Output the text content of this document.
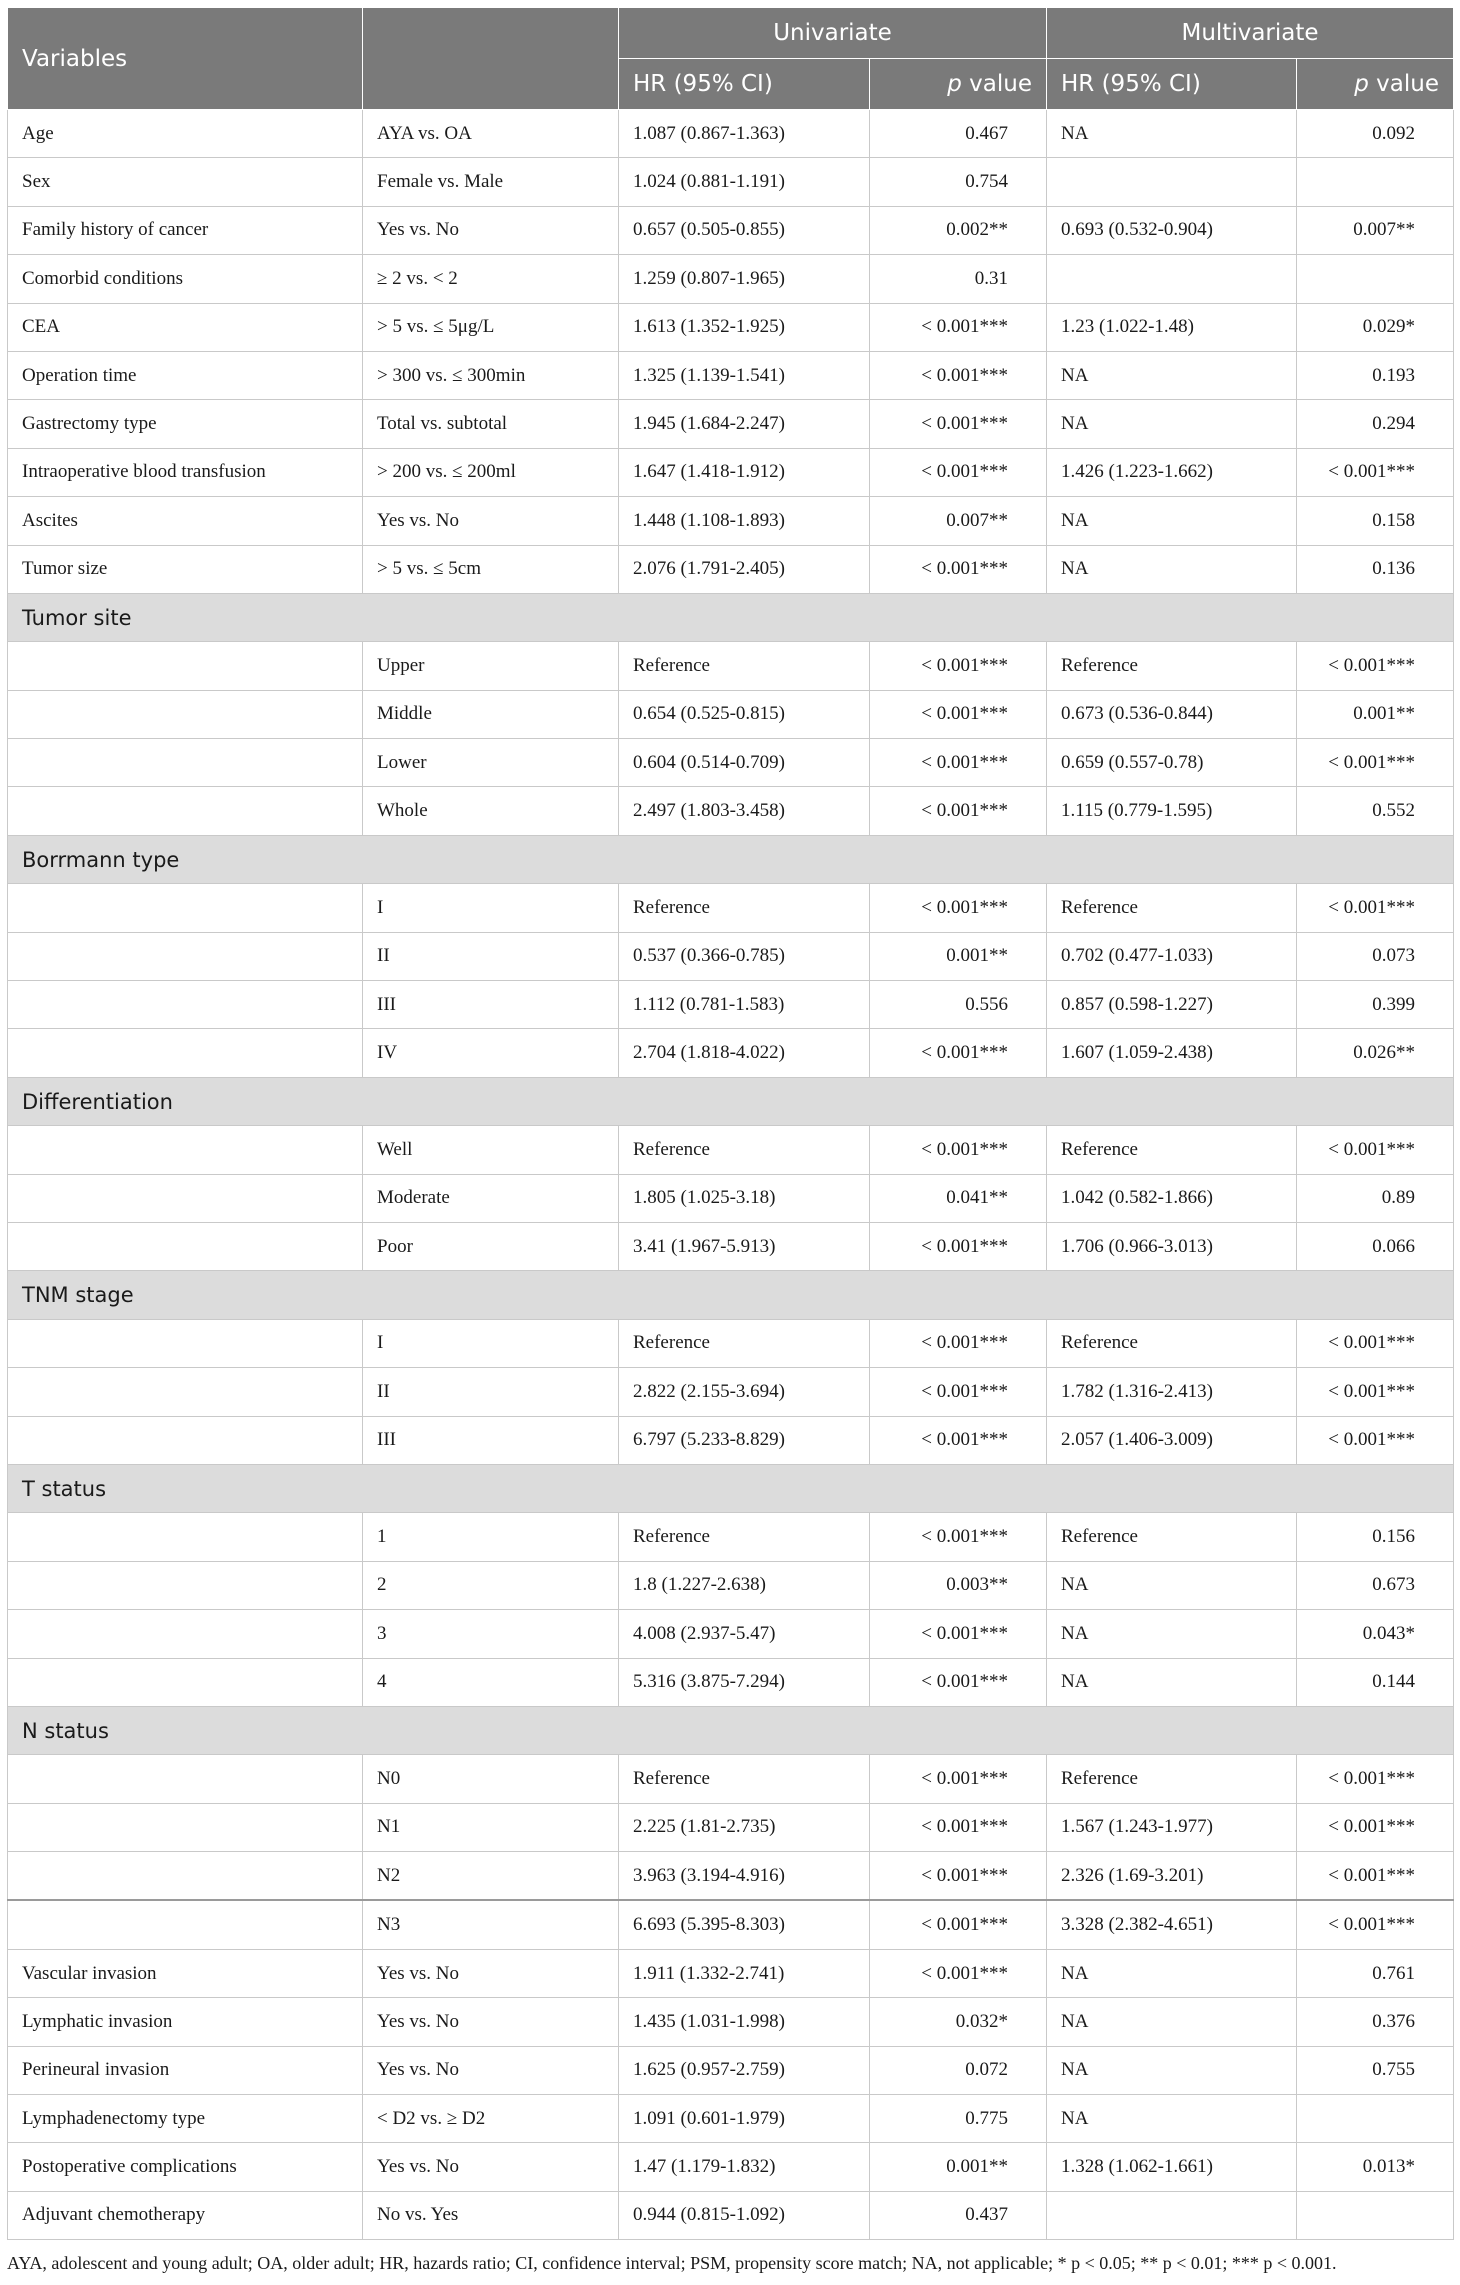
Variables		Univariate		Multivariate	
		HR (95% CI)	p value	HR (95% CI)	p value
Age	AYA vs. OA	1.087 (0.867-1.363)	0.467	NA	0.092
Sex	Female vs. Male	1.024 (0.881-1.191)	0.754		
Family history of cancer	Yes vs. No	0.657 (0.505-0.855)	0.002**	0.693 (0.532-0.904)	0.007**
Comorbid conditions	≥ 2 vs. < 2	1.259 (0.807-1.965)	0.31		
CEA	> 5 vs. ≤ 5μg/L	1.613 (1.352-1.925)	< 0.001***	1.23 (1.022-1.48)	0.029*
Operation time	> 300 vs. ≤ 300min	1.325 (1.139-1.541)	< 0.001***	NA	0.193
Gastrectomy type	Total vs. subtotal	1.945 (1.684-2.247)	< 0.001***	NA	0.294
Intraoperative blood transfusion	> 200 vs. ≤ 200ml	1.647 (1.418-1.912)	< 0.001***	1.426 (1.223-1.662)	< 0.001***
Ascites	Yes vs. No	1.448 (1.108-1.893)	0.007**	NA	0.158
Tumor size	> 5 vs. ≤ 5cm	2.076 (1.791-2.405)	< 0.001***	NA	0.136
Tumor site					
	Upper	Reference	< 0.001***	Reference	< 0.001***
	Middle	0.654 (0.525-0.815)	< 0.001***	0.673 (0.536-0.844)	0.001**
	Lower	0.604 (0.514-0.709)	< 0.001***	0.659 (0.557-0.78)	< 0.001***
	Whole	2.497 (1.803-3.458)	< 0.001***	1.115 (0.779-1.595)	0.552
Borrmann type					
	I	Reference	< 0.001***	Reference	< 0.001***
	II	0.537 (0.366-0.785)	0.001**	0.702 (0.477-1.033)	0.073
	III	1.112 (0.781-1.583)	0.556	0.857 (0.598-1.227)	0.399
	IV	2.704 (1.818-4.022)	< 0.001***	1.607 (1.059-2.438)	0.026**
Differentiation					
	Well	Reference	< 0.001***	Reference	< 0.001***
	Moderate	1.805 (1.025-3.18)	0.041**	1.042 (0.582-1.866)	0.89
	Poor	3.41 (1.967-5.913)	< 0.001***	1.706 (0.966-3.013)	0.066
TNM stage					
	I	Reference	< 0.001***	Reference	< 0.001***
	II	2.822 (2.155-3.694)	< 0.001***	1.782 (1.316-2.413)	< 0.001***
	III	6.797 (5.233-8.829)	< 0.001***	2.057 (1.406-3.009)	< 0.001***
T status					
	1	Reference	< 0.001***	Reference	0.156
	2	1.8 (1.227-2.638)	0.003**	NA	0.673
	3	4.008 (2.937-5.47)	< 0.001***	NA	0.043*
	4	5.316 (3.875-7.294)	< 0.001***	NA	0.144
N status					
	N0	Reference	< 0.001***	Reference	< 0.001***
	N1	2.225 (1.81-2.735)	< 0.001***	1.567 (1.243-1.977)	< 0.001***
	N2	3.963 (3.194-4.916)	< 0.001***	2.326 (1.69-3.201)	< 0.001***
	N3	6.693 (5.395-8.303)	< 0.001***	3.328 (2.382-4.651)	< 0.001***
Vascular invasion	Yes vs. No	1.911 (1.332-2.741)	< 0.001***	NA	0.761
Lymphatic invasion	Yes vs. No	1.435 (1.031-1.998)	0.032*	NA	0.376
Perineural invasion	Yes vs. No	1.625 (0.957-2.759)	0.072	NA	0.755
Lymphadenectomy type	< D2 vs. ≥ D2	1.091 (0.601-1.979)	0.775	NA	
Postoperative complications	Yes vs. No	1.47 (1.179-1.832)	0.001**	1.328 (1.062-1.661)	0.013*
Adjuvant chemotherapy	No vs. Yes	0.944 (0.815-1.092)	0.437		
AYA, adolescent and young adult; OA, older adult; HR, hazards ratio; CI, confidence interval; PSM, propensity score match; NA, not applicable; * p < 0.05; ** p < 0.01; *** p < 0.001.
